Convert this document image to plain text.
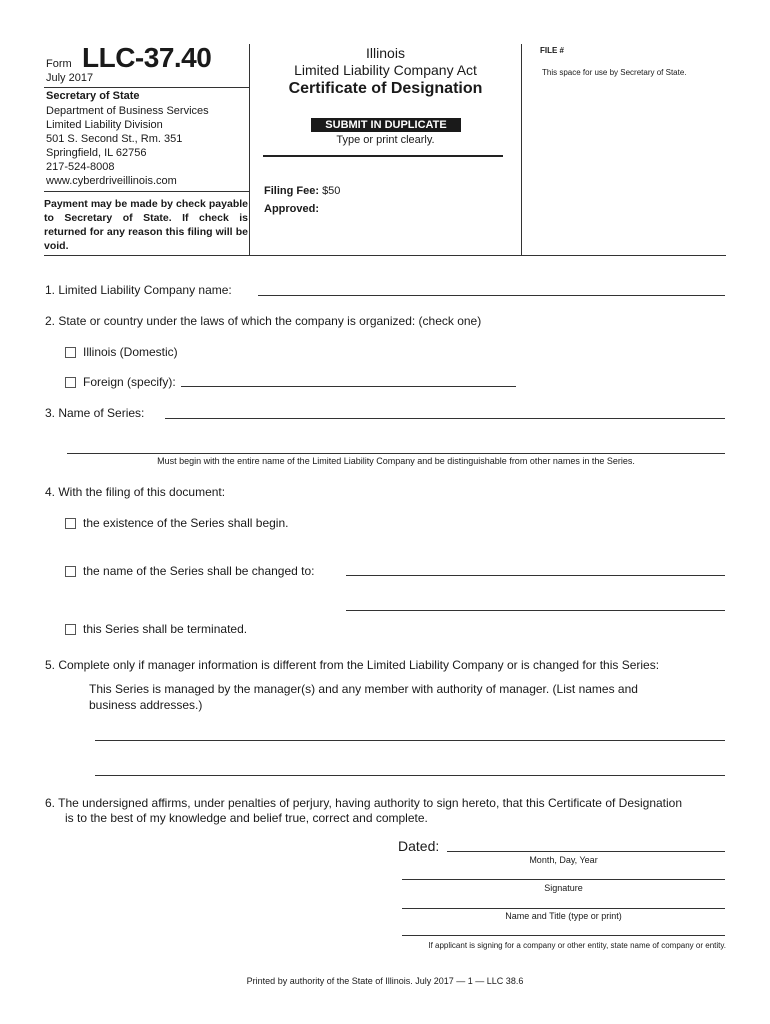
Form LLC-37.40
July 2017
Secretary of State
Department of Business Services
Limited Liability Division
501 S. Second St., Rm. 351
Springfield, IL 62756
217-524-8008
www.cyberdriveillinois.com
Payment may be made by check payable to Secretary of State. If check is returned for any reason this filing will be void.
Illinois
Limited Liability Company Act
Certificate of Designation
SUBMIT IN DUPLICATE
Type or print clearly.
Filing Fee: $50
Approved:
FILE #
This space for use by Secretary of State.
1. Limited Liability Company name:
2. State or country under the laws of which the company is organized: (check one)
Illinois (Domestic)
Foreign (specify):
3. Name of Series:
Must begin with the entire name of the Limited Liability Company and be distinguishable from other names in the Series.
4. With the filing of this document:
the existence of the Series shall begin.
the name of the Series shall be changed to:
this Series shall be terminated.
5. Complete only if manager information is different from the Limited Liability Company or is changed for this Series:
This Series is managed by the manager(s) and any member with authority of manager. (List names and
business addresses.)
6. The undersigned affirms, under penalties of perjury, having authority to sign hereto, that this Certificate of Designation
is to the best of my knowledge and belief true, correct and complete.
Dated:
Month, Day, Year
Signature
Name and Title (type or print)
If applicant is signing for a company or other entity, state name of company or entity.
Printed by authority of the State of Illinois. July 2017 — 1 — LLC 38.6
